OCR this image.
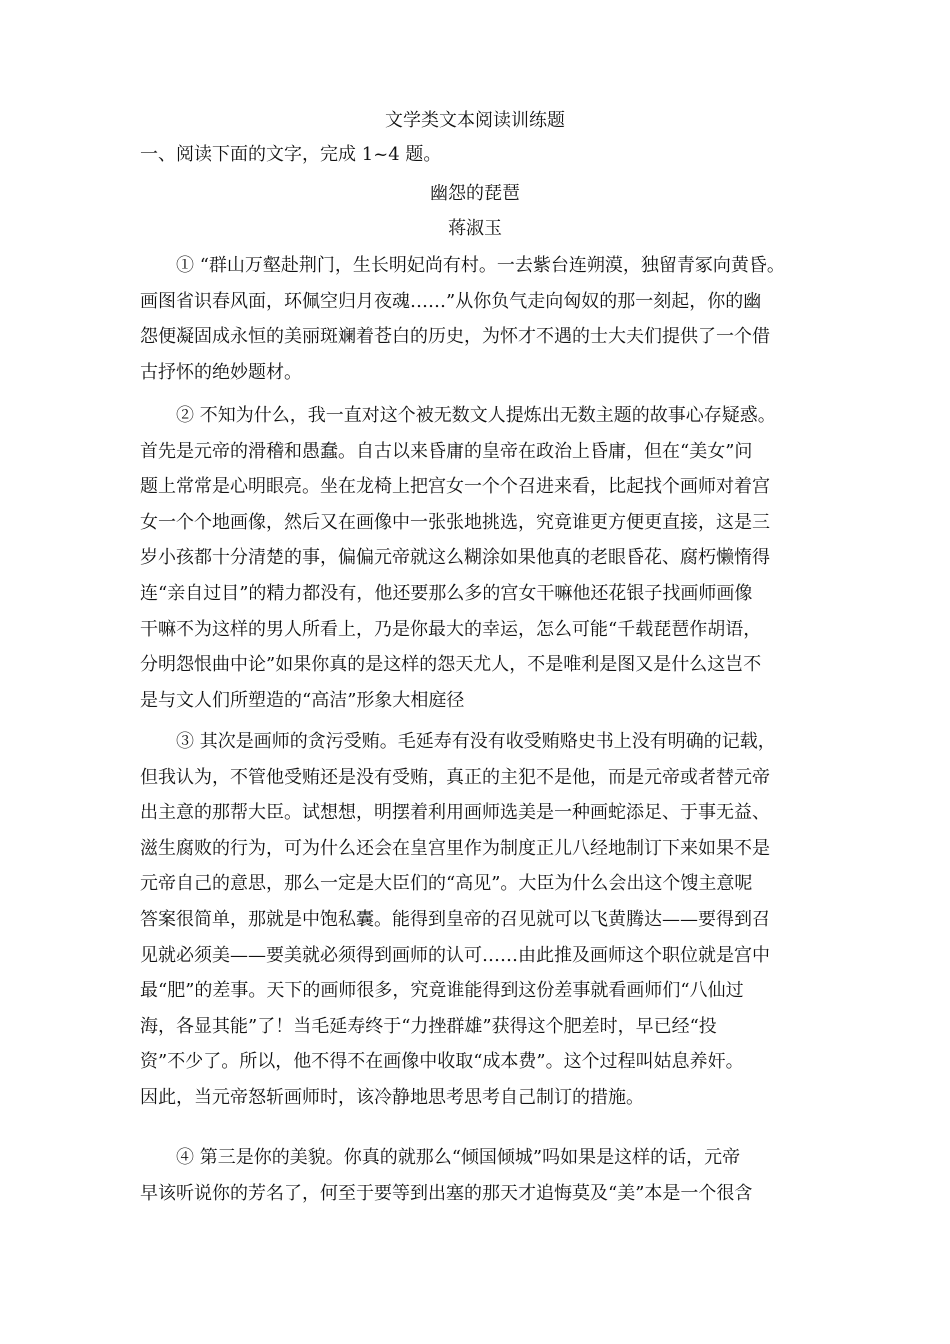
文学类文本阅读训练题
一、阅读下面的文字，完成 1~4 题。
幽怨的琵琶
蒋淑玉
① “群山万壑赴荆门，生长明妃尚有村。一去紫台连朔漠，独留青冢向黄昏。
画图省识春风面，环佩空归月夜魂……”从你负气走向匈奴的那一刻起，你的幽
怨便凝固成永恒的美丽斑斓着苍白的历史，为怀才不遇的士大夫们提供了一个借
古抒怀的绝妙题材。
② 不知为什么，我一直对这个被无数文人提炼出无数主题的故事心存疑惑。
首先是元帝的滑稽和愚蠢。自古以来昏庸的皇帝在政治上昏庸，但在“美女”问
题上常常是心明眼亮。坐在龙椅上把宫女一个个召进来看，比起找个画师对着宫
女一个个地画像，然后又在画像中一张张地挑选，究竟谁更方便更直接，这是三
岁小孩都十分清楚的事，偏偏元帝就这么糊涂如果他真的老眼昏花、腐朽懒惰得
连“亲自过目”的精力都没有，他还要那么多的宫女干嘛他还花银子找画师画像
干嘛不为这样的男人所看上，乃是你最大的幸运，怎么可能“千载琵琶作胡语，
分明怨恨曲中论”如果你真的是这样的怨天尤人，不是唯利是图又是什么这岂不
是与文人们所塑造的“高洁”形象大相庭径
③ 其次是画师的贪污受贿。毛延寿有没有收受贿赂史书上没有明确的记载，
但我认为，不管他受贿还是没有受贿，真正的主犯不是他，而是元帝或者替元帝
出主意的那帮大臣。试想想，明摆着利用画师选美是一种画蛇添足、于事无益、
滋生腐败的行为，可为什么还会在皇宫里作为制度正儿八经地制订下来如果不是
元帝自己的意思，那么一定是大臣们的“高见”。大臣为什么会出这个馊主意呢
答案很简单，那就是中饱私囊。能得到皇帝的召见就可以飞黄腾达——要得到召
见就必须美——要美就必须得到画师的认可……由此推及画师这个职位就是宫中
最“肥”的差事。天下的画师很多，究竟谁能得到这份差事就看画师们“八仙过
海，各显其能”了！当毛延寿终于“力挫群雄”获得这个肥差时，早已经“投
资”不少了。所以，他不得不在画像中收取“成本费”。这个过程叫姑息养奸。
因此，当元帝怒斩画师时，该冷静地思考思考自己制订的措施。
④ 第三是你的美貌。你真的就那么“倾国倾城”吗如果是这样的话，元帝
早该听说你的芳名了，何至于要等到出塞的那天才追悔莫及“美”本是一个很含
